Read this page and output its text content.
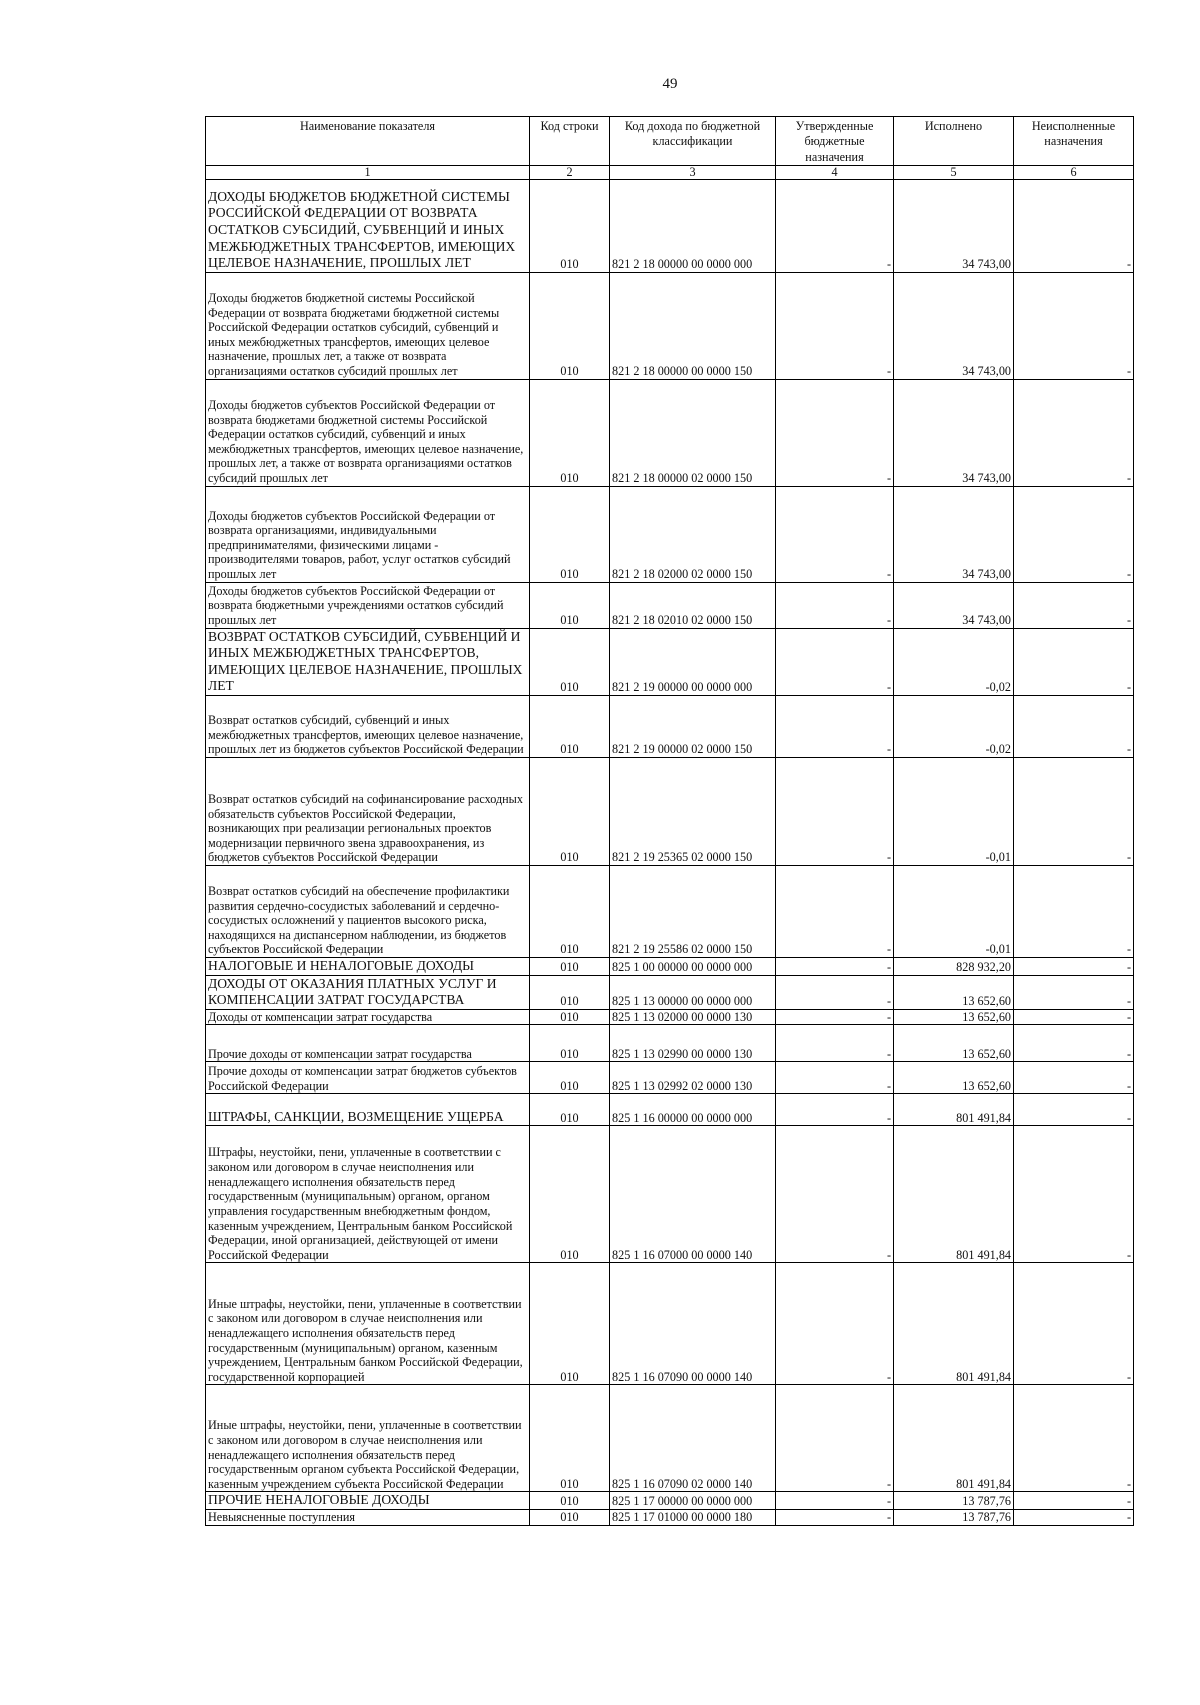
49
Наименование показателя	Код строки	Код дохода по бюджетной классификации	Утвержденные бюджетные назначения	Исполнено	Неисполненные назначения
1	2	3	4	5	6

ДОХОДЫ БЮДЖЕТОВ БЮДЖЕТНОЙ СИСТЕМЫ РОССИЙСКОЙ ФЕДЕРАЦИИ ОТ ВОЗВРАТА ОСТАТКОВ СУБСИДИЙ, СУБВЕНЦИЙ И ИНЫХ МЕЖБЮДЖЕТНЫХ ТРАНСФЕРТОВ, ИМЕЮЩИХ ЦЕЛЕВОЕ НАЗНАЧЕНИЕ, ПРОШЛЫХ ЛЕТ	010	821 2 18 00000 00 0000 000	-	34 743,00	-

Доходы бюджетов бюджетной системы Российской Федерации от возврата бюджетами бюджетной системы Российской Федерации остатков субсидий, субвенций и иных межбюджетных трансфертов, имеющих целевое назначение, прошлых лет, а также от возврата организациями остатков субсидий прошлых лет	010	821 2 18 00000 00 0000 150	-	34 743,00	-

Доходы бюджетов субъектов Российской Федерации от возврата бюджетами бюджетной системы Российской Федерации остатков субсидий, субвенций и иных межбюджетных трансфертов, имеющих целевое назначение, прошлых лет, а также от возврата организациями остатков субсидий прошлых лет	010	821 2 18 00000 02 0000 150	-	34 743,00	-

Доходы бюджетов субъектов Российской Федерации от возврата организациями, индивидуальными предпринимателями, физическими лицами - производителями товаров, работ, услуг остатков субсидий прошлых лет	010	821 2 18 02000 02 0000 150	-	34 743,00	-

Доходы бюджетов субъектов Российской Федерации от возврата бюджетными учреждениями остатков субсидий прошлых лет	010	821 2 18 02010 02 0000 150	-	34 743,00	-

ВОЗВРАТ ОСТАТКОВ СУБСИДИЙ, СУБВЕНЦИЙ И ИНЫХ МЕЖБЮДЖЕТНЫХ ТРАНСФЕРТОВ, ИМЕЮЩИХ ЦЕЛЕВОЕ НАЗНАЧЕНИЕ, ПРОШЛЫХ ЛЕТ	010	821 2 19 00000 00 0000 000	-	-0,02	-

Возврат остатков субсидий, субвенций и иных межбюджетных трансфертов, имеющих целевое назначение, прошлых лет из бюджетов субъектов Российской Федерации	010	821 2 19 00000 02 0000 150	-	-0,02	-

Возврат остатков субсидий на софинансирование расходных обязательств субъектов Российской Федерации, возникающих при реализации региональных проектов модернизации первичного звена здравоохранения, из бюджетов субъектов Российской Федерации	010	821 2 19 25365 02 0000 150	-	-0,01	-

Возврат остатков субсидий на обеспечение профилактики развития сердечно-сосудистых заболеваний и сердечно-сосудистых осложнений у пациентов высокого риска, находящихся на диспансерном наблюдении, из бюджетов субъектов Российской Федерации	010	821 2 19 25586 02 0000 150	-	-0,01	-

НАЛОГОВЫЕ И НЕНАЛОГОВЫЕ ДОХОДЫ	010	825 1 00 00000 00 0000 000	-	828 932,20	-

ДОХОДЫ ОТ ОКАЗАНИЯ ПЛАТНЫХ УСЛУГ И КОМПЕНСАЦИИ ЗАТРАТ ГОСУДАРСТВА	010	825 1 13 00000 00 0000 000	-	13 652,60	-

Доходы от компенсации затрат государства	010	825 1 13 02000 00 0000 130	-	13 652,60	-

Прочие доходы от компенсации затрат государства	010	825 1 13 02990 00 0000 130	-	13 652,60	-

Прочие доходы от компенсации затрат бюджетов субъектов Российской Федерации	010	825 1 13 02992 02 0000 130	-	13 652,60	-

ШТРАФЫ, САНКЦИИ, ВОЗМЕЩЕНИЕ УЩЕРБА	010	825 1 16 00000 00 0000 000	-	801 491,84	-

Штрафы, неустойки, пени, уплаченные в соответствии с законом или договором в случае неисполнения или ненадлежащего исполнения обязательств перед государственным (муниципальным) органом, органом управления государственным внебюджетным фондом, казенным учреждением, Центральным банком Российской Федерации, иной организацией, действующей от имени Российской Федерации	010	825 1 16 07000 00 0000 140	-	801 491,84	-

Иные штрафы, неустойки, пени, уплаченные в соответствии с законом или договором в случае неисполнения или ненадлежащего исполнения обязательств перед государственным (муниципальным) органом, казенным учреждением, Центральным банком Российской Федерации, государственной корпорацией	010	825 1 16 07090 00 0000 140	-	801 491,84	-

Иные штрафы, неустойки, пени, уплаченные в соответствии с законом или договором в случае неисполнения или ненадлежащего исполнения обязательств перед государственным органом субъекта Российской Федерации, казенным учреждением субъекта Российской Федерации	010	825 1 16 07090 02 0000 140	-	801 491,84	-

ПРОЧИЕ НЕНАЛОГОВЫЕ ДОХОДЫ	010	825 1 17 00000 00 0000 000	-	13 787,76	-

Невыясненные поступления	010	825 1 17 01000 00 0000 180	-	13 787,76	-
